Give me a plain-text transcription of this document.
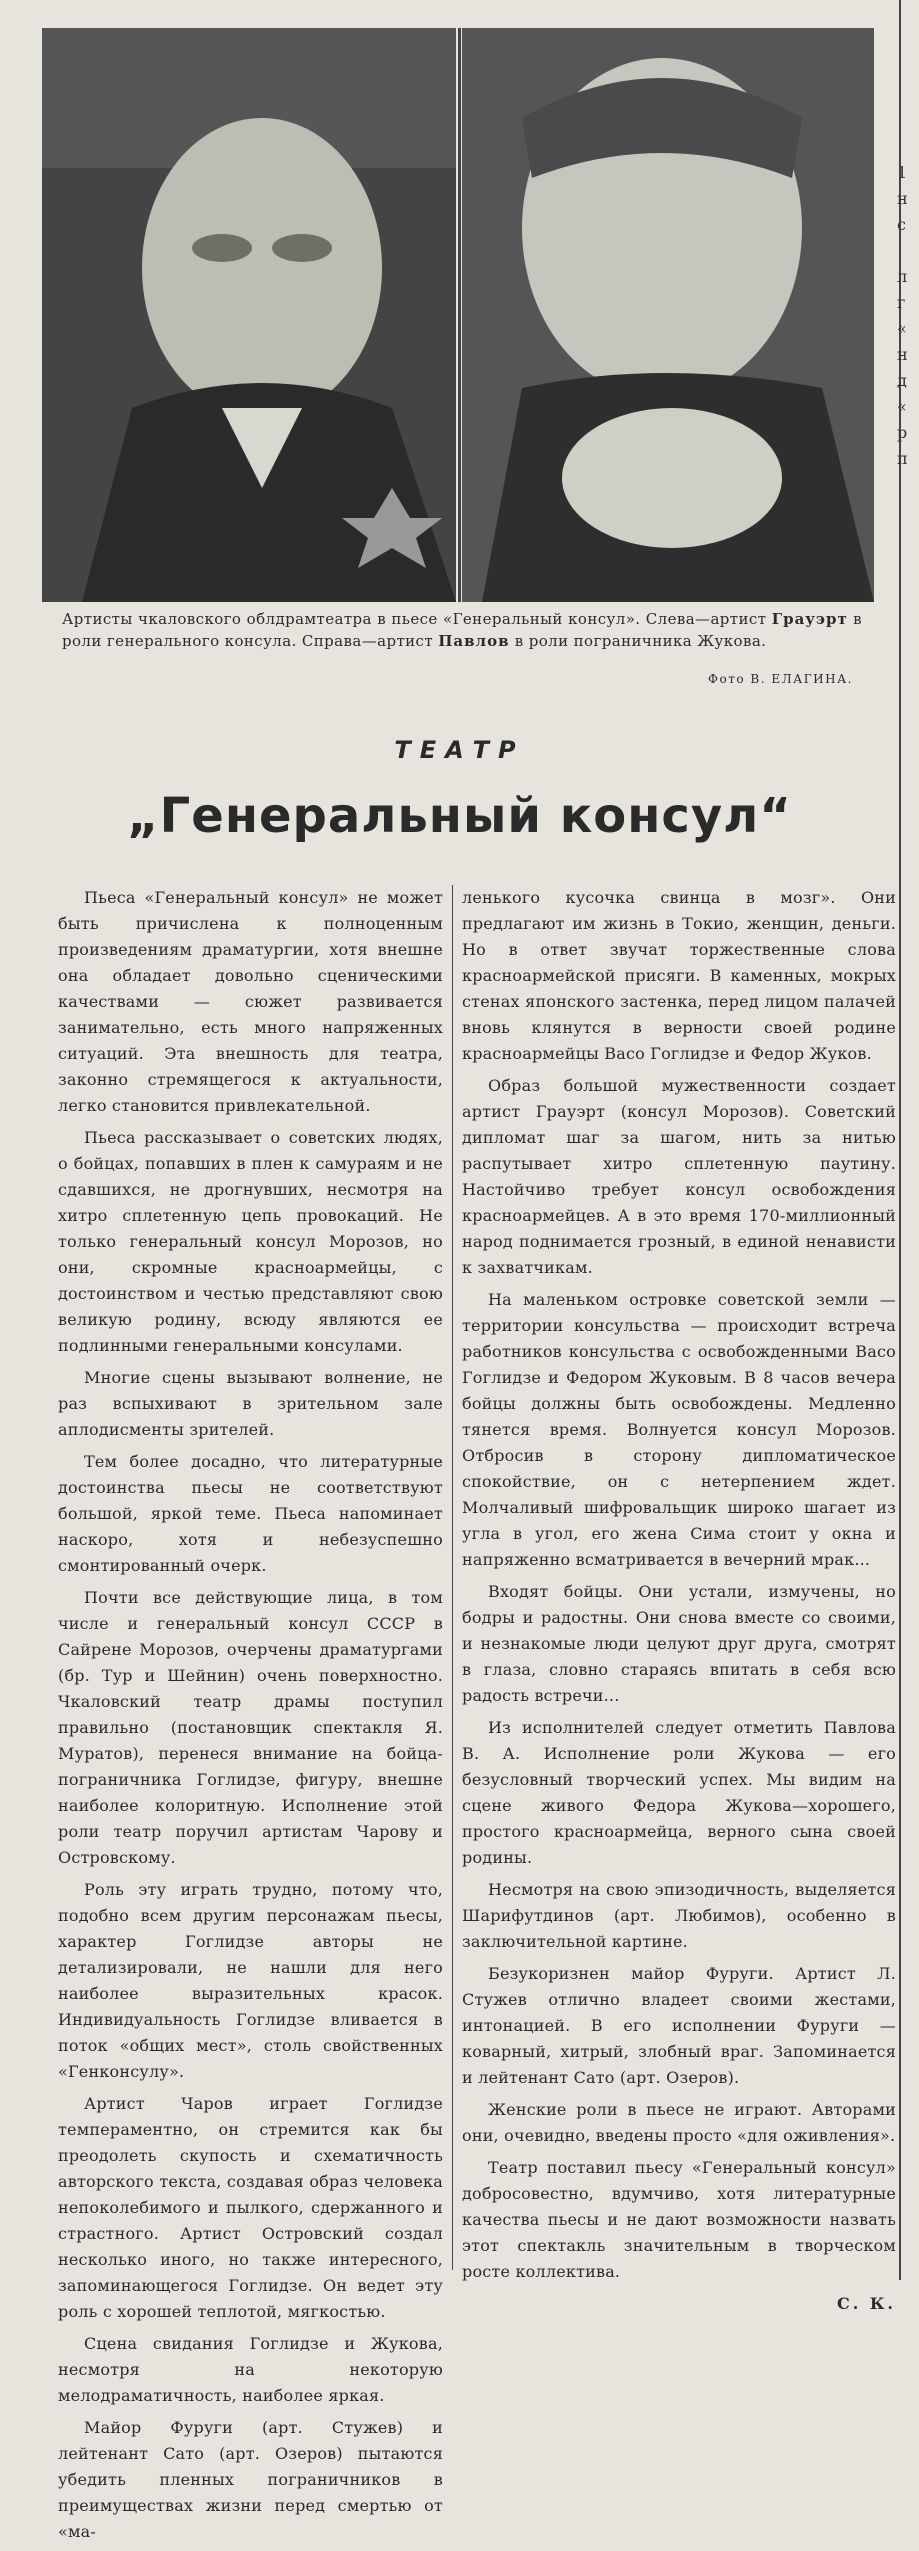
Артисты чкаловского облдрамтеатра в пьесе «Генеральный консул». Слева—артист Грауэрт в роли генерального консула. Справа—артист Павлов в роли пограничника Жукова.
Фото В. ЕЛАГИНА.
ТЕАТР
„Генеральный консул“

Пьеса «Генеральный консул» не может быть причислена к полноценным произведениям драматургии, хотя внешне она обладает довольно сценическими качествами — сюжет развивается занимательно, есть много напряженных ситуаций. Эта внешность для театра, законно стремящегося к актуальности, легко становится привлекательной.

Пьеса рассказывает о советских людях, о бойцах, попавших в плен к самураям и не сдавшихся, не дрогнувших, несмотря на хитро сплетенную цепь провокаций. Не только генеральный консул Морозов, но они, скромные красноармейцы, с достоинством и честью представляют свою великую родину, всюду являются ее подлинными генеральными консулами.

Многие сцены вызывают волнение, не раз вспыхивают в зрительном зале аплодисменты зрителей.

Тем более досадно, что литературные достоинства пьесы не соответствуют большой, яркой теме. Пьеса напоминает наскоро, хотя и небезуспешно смонтированный очерк.

Почти все действующие лица, в том числе и генеральный консул СССР в Сайрене Морозов, очерчены драматургами (бр. Тур и Шейнин) очень поверхностно. Чкаловский театр драмы поступил правильно (постановщик спектакля Я. Муратов), перенеся внимание на бойца-пограничника Гоглидзе, фигуру, внешне наиболее колоритную. Исполнение этой роли театр поручил артистам Чарову и Островскому.

Роль эту играть трудно, потому что, подобно всем другим персонажам пьесы, характер Гоглидзе авторы не детализировали, не нашли для него наиболее выразительных красок. Индивидуальность Гоглидзе вливается в поток «общих мест», столь свойственных «Генконсулу».

Артист Чаров играет Гоглидзе темпераментно, он стремится как бы преодолеть скупость и схематичность авторского текста, создавая образ человека непоколебимого и пылкого, сдержанного и страстного. Артист Островский создал несколько иного, но также интересного, запоминающегося Гоглидзе. Он ведет эту роль с хорошей теплотой, мягкостью.

Сцена свидания Гоглидзе и Жукова, несмотря на некоторую мелодраматичность, наиболее яркая.

Майор Фуруги (арт. Стужев) и лейтенант Сато (арт. Озеров) пытаются убедить пленных пограничников в преимуществах жизни перед смертью от «ма-

ленького кусочка свинца в мозг». Они предлагают им жизнь в Токио, женщин, деньги. Но в ответ звучат торжественные слова красноармейской присяги. В каменных, мокрых стенах японского застенка, перед лицом палачей вновь клянутся в верности своей родине красноармейцы Васо Гоглидзе и Федор Жуков.

Образ большой мужественности создает артист Грауэрт (консул Морозов). Советский дипломат шаг за шагом, нить за нитью распутывает хитро сплетенную паутину. Настойчиво требует консул освобождения красноармейцев. А в это время 170-миллионный народ поднимается грозный, в единой ненависти к захватчикам.

На маленьком островке советской земли — территории консульства — происходит встреча работников консульства с освобожденными Васо Гоглидзе и Федором Жуковым. В 8 часов вечера бойцы должны быть освобождены. Медленно тянется время. Волнуется консул Морозов. Отбросив в сторону дипломатическое спокойствие, он с нетерпением ждет. Молчаливый шифровальщик широко шагает из угла в угол, его жена Сима стоит у окна и напряженно всматривается в вечерний мрак...

Входят бойцы. Они устали, измучены, но бодры и радостны. Они снова вместе со своими, и незнакомые люди целуют друг друга, смотрят в глаза, словно стараясь впитать в себя всю радость встречи...

Из исполнителей следует отметить Павлова В. А. Исполнение роли Жукова — его безусловный творческий успех. Мы видим на сцене живого Федора Жукова—хорошего, простого красноармейца, верного сына своей родины.

Несмотря на свою эпизодичность, выделяется Шарифутдинов (арт. Любимов), особенно в заключительной картине.

Безукоризнен майор Фуруги. Артист Л. Стужев отлично владеет своими жестами, интонацией. В его исполнении Фуруги — коварный, хитрый, злобный враг. Запоминается и лейтенант Сато (арт. Озеров).

Женские роли в пьесе не играют. Авторами они, очевидно, введены просто «для оживления».

Театр поставил пьесу «Генеральный консул» добросовестно, вдумчиво, хотя литературные качества пьесы и не дают возможности назвать этот спектакль значительным в творческом росте коллектива.

С. К.
1
н
с

л
г
«
н
д
«
р
п
